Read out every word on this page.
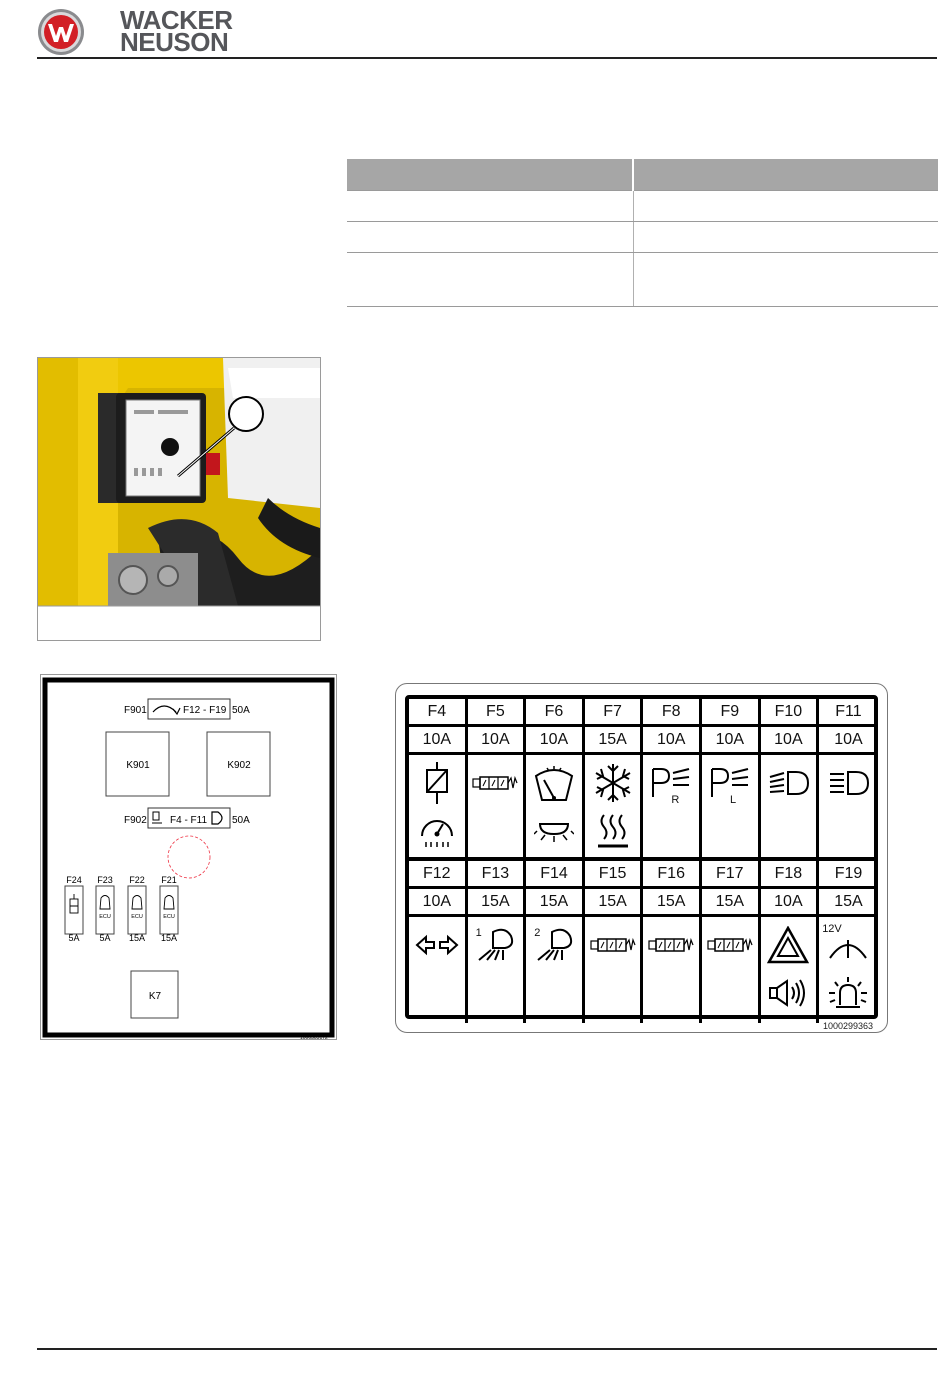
WACKER
NEUSON

F901	F12 - F19 50A
K901	K902
F902 F4 - F11 50A
F24
5A
F23
ECU
5A
F22
ECU
15A
F21
ECU
15A
K7
1000305172
F4
10A
F5
10A
F6
10A
F7
15A
F8
10A
R
F9
10A
L
F10
10A
F11
10A
F12
10A
F13
15A
1
F14
15A
2
F15
15A
F16
15A
F17
15A
F18
10A
F19
15A
12V
1000299363
